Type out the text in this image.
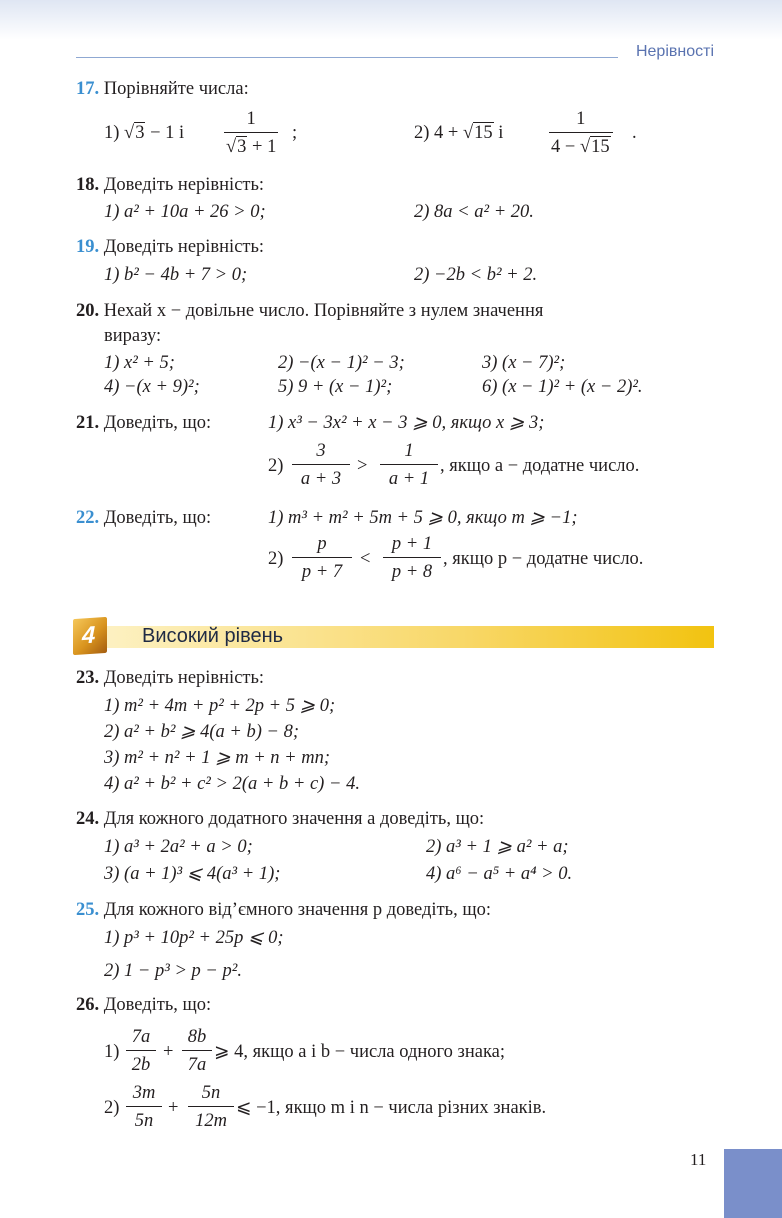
Нерівності
17. Порівняйте числа:
1) √3 − 1 і $\frac{1}{√3 + 1}$ ;	2) 4 + √15 і $\frac{1}{4 - √15}$ .
18. Доведіть нерівність:
1) a² + 10a + 26 > 0;	2) 8a < a² + 20.
19. Доведіть нерівність:
1) b² − 4b + 7 > 0;	2) −2b < b² + 2.
20. Нехай x − довільне число. Порівняйте з нулем значення
виразу:
1) x² + 5;	2) −(x − 1)² − 3;	3) (x − 7)²;
4) −(x + 9)²;	5) 9 + (x − 1)²;	6) (x − 1)² + (x − 2)².
21. Доведіть, що:	1) x³ − 3x² + x − 3 ⩾ 0, якщо x ⩾ 3;
$2) \frac{3}{a + 3} > \frac{1}{a + 1}$ , якщо a − додатне число.
22. Доведіть, що:	1) m³ + m² + 5m + 5 ⩾ 0, якщо m ⩾ −1;
$2) \frac{p}{p + 7} < \frac{p + 1}{p + 8}$ , якщо p − додатне число.
4 Високий рівень
23. Доведіть нерівність:
1) m² + 4m + p² + 2p + 5 ⩾ 0;
2) a² + b² ⩾ 4(a + b) − 8;
3) m² + n² + 1 ⩾ m + n + mn;
4) a² + b² + c² > 2(a + b + c) − 4.
24. Для кожного додатного значення a доведіть, що:
1) a³ + 2a² + a > 0;	2) a³ + 1 ⩾ a² + a;
3) (a + 1)³ ⩽ 4(a³ + 1);	4) a⁶ − a⁵ + a⁴ > 0.
25. Для кожного від’ємного значення p доведіть, що:
1) p³ + 10p² + 25p ⩽ 0;
2) 1 − p³ > p − p².
26. Доведіть, що:
$1) \frac{7a}{2b} + \frac{8b}{7a}$ ⩾ 4, якщо a і b − числа одного знака;
$2) \frac{3m}{5n} + \frac{5n}{12m}$ ⩽ −1, якщо m і n − числа різних знаків.
11
